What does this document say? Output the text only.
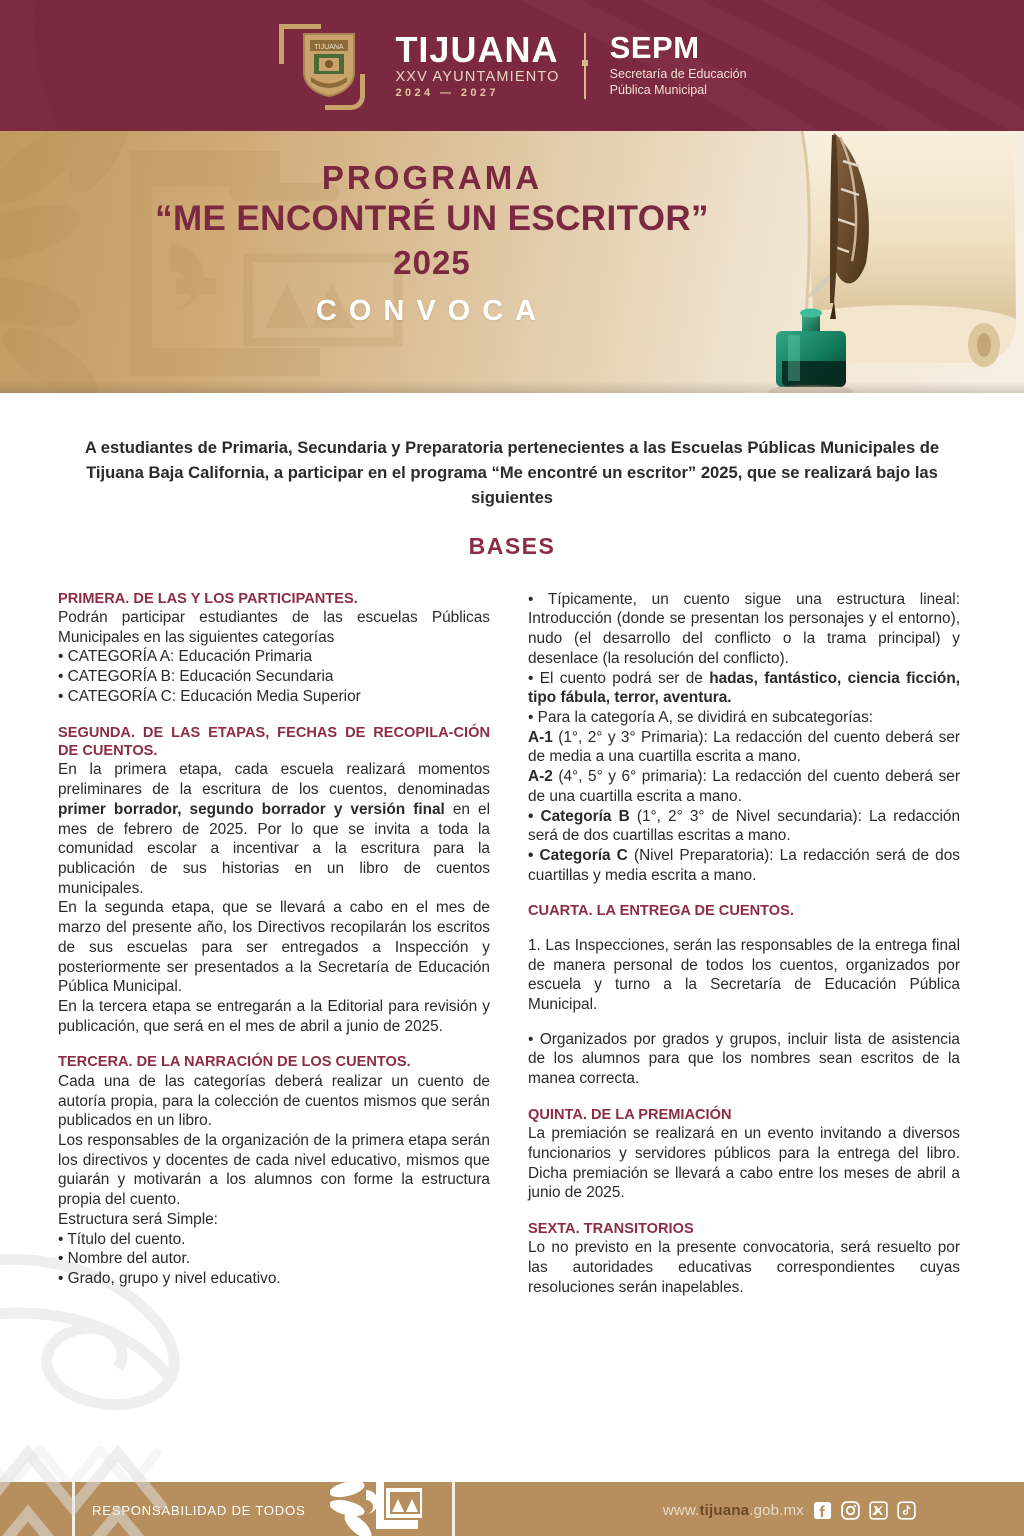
TIJUANA TIJUANA
XXV AYUNTAMIENTO
2024 — 2027
SEPM
Secretaría de Educación
Pública Municipal
PROGRAMA
“ME ENCONTRÉ UN ESCRITOR”
2025
CONVOCA
A estudiantes de Primaria, Secundaria y Preparatoria pertenecientes a las Escuelas Públicas Municipales de Tijuana Baja California, a participar en el programa “Me encontré un escritor” 2025, que se realizará bajo las siguientes
BASES
PRIMERA. DE LAS Y LOS PARTICIPANTES.

Podrán participar estudiantes de las escuelas Públicas Municipales en las siguientes categorías

• CATEGORÍA A: Educación Primaria
• CATEGORÍA B: Educación Secundaria
• CATEGORÍA C: Educación Media Superior
SEGUNDA. DE LAS ETAPAS, FECHAS DE RECOPILA-CIÓN DE CUENTOS.

En la primera etapa, cada escuela realizará momentos preliminares de la escritura de los cuentos, denominadas primer borrador, segundo borrador y versión final en el mes de febrero de 2025. Por lo que se invita a toda la comunidad escolar a incentivar a la escritura para la publicación de sus historias en un libro de cuentos municipales.

En la segunda etapa, que se llevará a cabo en el mes de marzo del presente año, los Directivos recopilarán los escritos de sus escuelas para ser entregados a Inspección y posteriormente ser presentados a la Secretaría de Educación Pública Municipal.

En la tercera etapa se entregarán a la Editorial para revisión y publicación, que será en el mes de abril a junio de 2025.

TERCERA. DE LA NARRACIÓN DE LOS CUENTOS.

Cada una de las categorías deberá realizar un cuento de autoría propia, para la colección de cuentos mismos que serán publicados en un libro.

Los responsables de la organización de la primera etapa serán los directivos y docentes de cada nivel educativo, mismos que guiarán y motivarán a los alumnos con forme la estructura propia del cuento.

Estructura será Simple:

• Título del cuento.
• Nombre del autor.
• Grado, grupo y nivel educativo.

• Típicamente, un cuento sigue una estructura lineal: Introducción (donde se presentan los personajes y el entorno), nudo (el desarrollo del conflicto o la trama principal) y desenlace (la resolución del conflicto).

• El cuento podrá ser de hadas, fantástico, ciencia ficción, tipo fábula, terror, aventura.

• Para la categoría A, se dividirá en subcategorías:

A-1 (1°, 2° y 3° Primaria): La redacción del cuento deberá ser de media a una cuartilla escrita a mano.

A-2 (4°, 5° y 6° primaria): La redacción del cuento deberá ser de una cuartilla escrita a mano.

• Categoría B (1°, 2° 3° de Nivel secundaria): La redacción será de dos cuartillas escritas a mano.

• Categoría C (Nivel Preparatoria): La redacción será de dos cuartillas y media escrita a mano.

CUARTA. LA ENTREGA DE CUENTOS.

1. Las Inspecciones, serán las responsables de la entrega final de manera personal de todos los cuentos, organizados por escuela y turno a la Secretaría de Educación Pública Municipal.

• Organizados por grados y grupos, incluir lista de asistencia de los alumnos para que los nombres sean escritos de la manea correcta.

QUINTA. DE LA PREMIACIÓN

La premiación se realizará en un evento invitando a diversos funcionarios y servidores públicos para la entrega del libro. Dicha premiación se llevará a cabo entre los meses de abril a junio de 2025.

SEXTA. TRANSITORIOS

Lo no previsto en la presente convocatoria, será resuelto por las autoridades educativas correspondientes cuyas resoluciones serán inapelables.

RESPONSABILIDAD DE TODOS	www.tijuana.gob.mx
